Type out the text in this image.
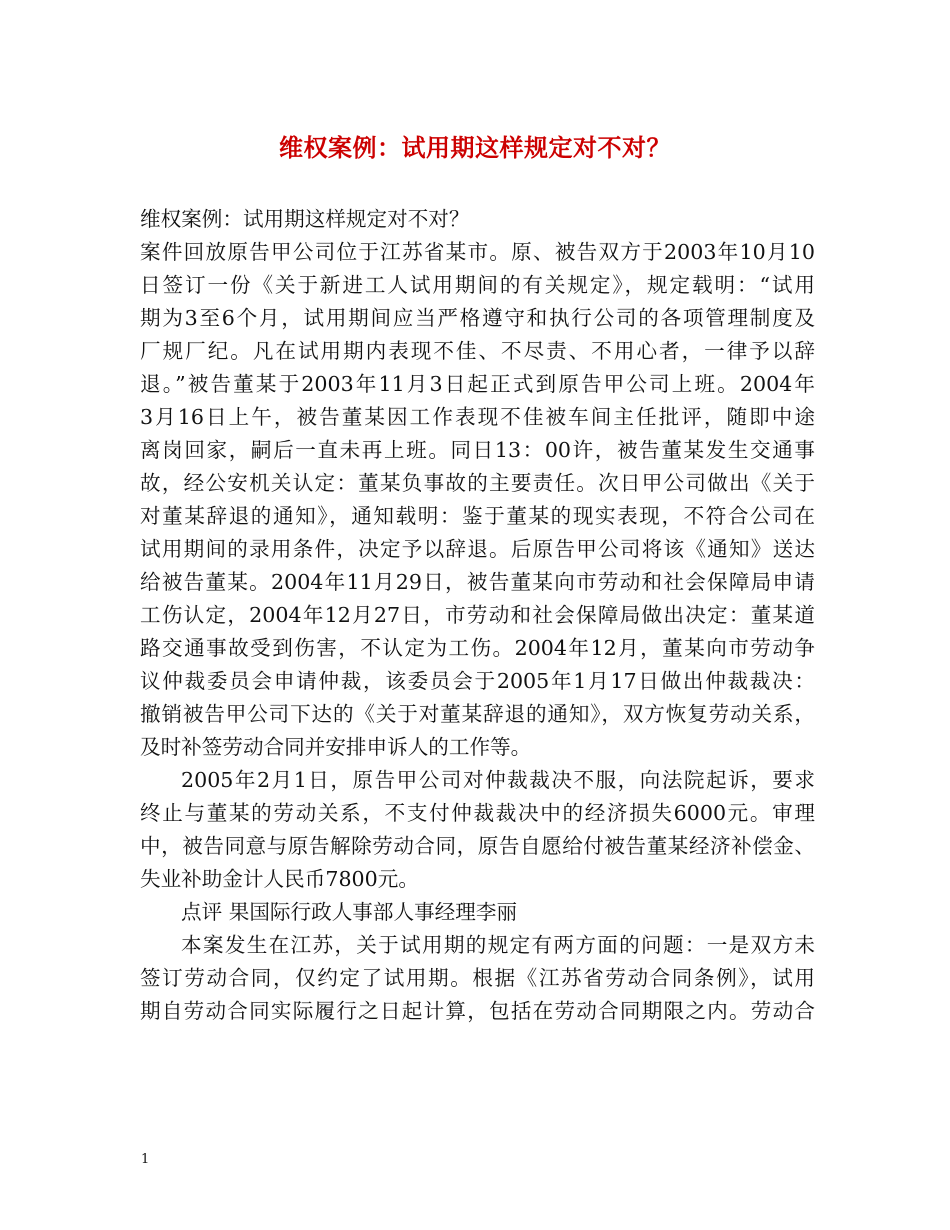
维权案例：试用期这样规定对不对？
维权案例：试用期这样规定对不对？
案件回放原告甲公司位于江苏省某市。原、被告双方于2003年10月10
日签订一份《关于新进工人试用期间的有关规定》，规定载明：“试用
期为3至6个月，试用期间应当严格遵守和执行公司的各项管理制度及
厂规厂纪。凡在试用期内表现不佳、不尽责、不用心者，一律予以辞
退。”被告董某于2003年11月3日起正式到原告甲公司上班。2004年
3月16日上午，被告董某因工作表现不佳被车间主任批评，随即中途
离岗回家，嗣后一直未再上班。同日13：00许，被告董某发生交通事
故，经公安机关认定：董某负事故的主要责任。次日甲公司做出《关于
对董某辞退的通知》，通知载明：鉴于董某的现实表现，不符合公司在
试用期间的录用条件，决定予以辞退。后原告甲公司将该《通知》送达
给被告董某。2004年11月29日，被告董某向市劳动和社会保障局申请
工伤认定，2004年12月27日，市劳动和社会保障局做出决定：董某道
路交通事故受到伤害，不认定为工伤。2004年12月，董某向市劳动争
议仲裁委员会申请仲裁，该委员会于2005年1月17日做出仲裁裁决：
撤销被告甲公司下达的《关于对董某辞退的通知》，双方恢复劳动关系，
及时补签劳动合同并安排申诉人的工作等。
2005年2月1日，原告甲公司对仲裁裁决不服，向法院起诉，要求
终止与董某的劳动关系，不支付仲裁裁决中的经济损失6000元。审理
中，被告同意与原告解除劳动合同，原告自愿给付被告董某经济补偿金、
失业补助金计人民币7800元。
点评 果国际行政人事部人事经理李丽
本案发生在江苏，关于试用期的规定有两方面的问题：一是双方未
签订劳动合同，仅约定了试用期。根据《江苏省劳动合同条例》，试用
期自劳动合同实际履行之日起计算，包括在劳动合同期限之内。劳动合
1
